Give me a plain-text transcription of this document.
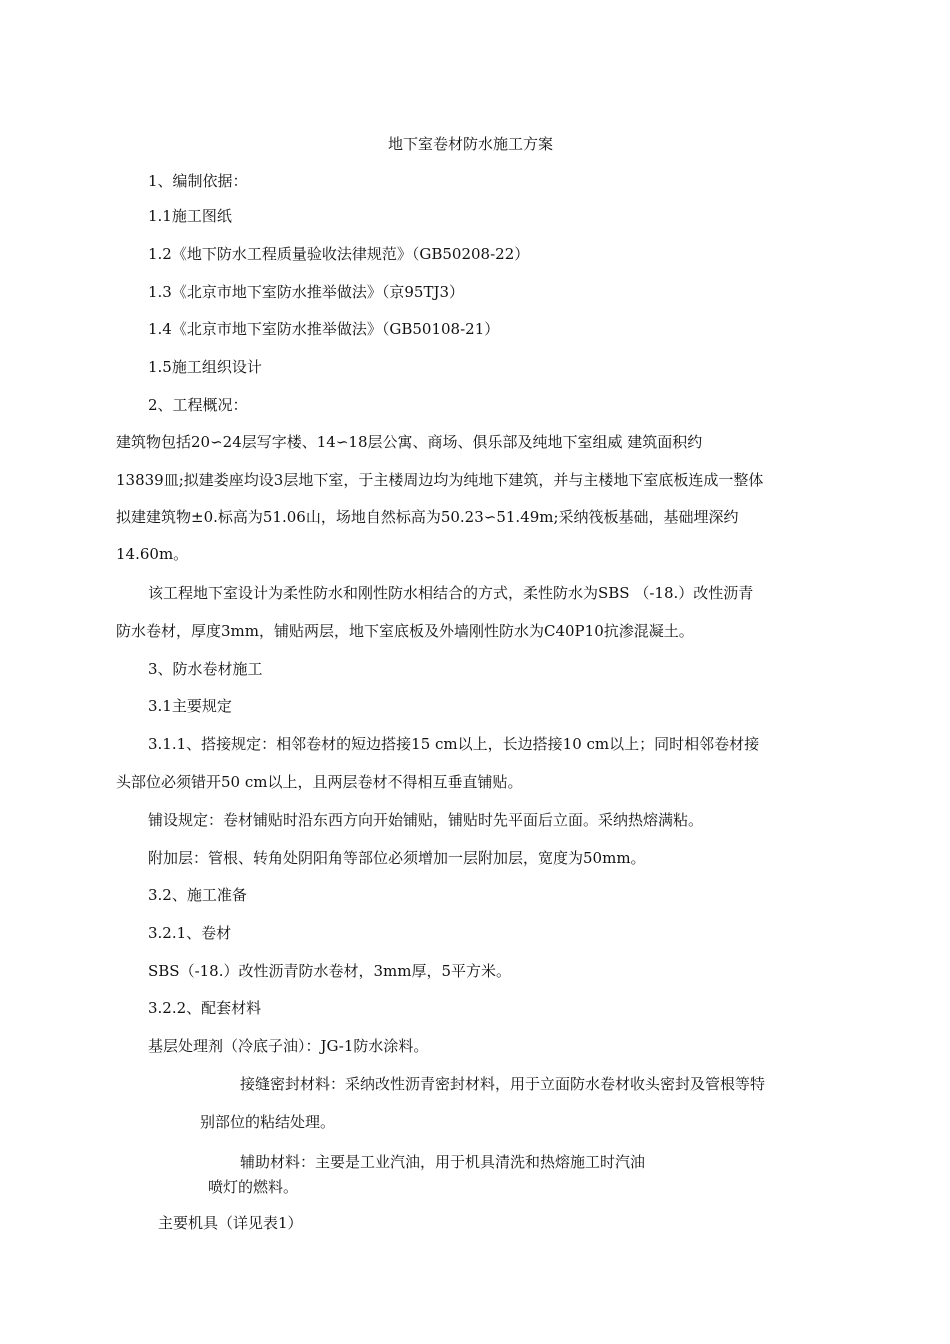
地下室卷材防水施工方案

1、编制依据：

1.1施工图纸

1.2《地下防水工程质量验收法律规范》（GB50208-22）

1.3《北京市地下室防水推举做法》（京95TJ3）

1.4《北京市地下室防水推举做法》（GB50108-21）

1.5施工组织设计

2、工程概况：

建筑物包括20∽24层写字楼、14∽18层公寓、商场、俱乐部及纯地下室组威 建筑面积约

13839皿;拟建娄座均设3层地下室，于主楼周边均为纯地下建筑，并与主楼地下室底板连成一整体

拟建建筑物±0.标高为51.06山，场地自然标高为50.23∽51.49m;采纳筏板基础，基础埋深约

14.60m。

该工程地下室设计为柔性防水和刚性防水相结合的方式，柔性防水为SBS （-18.）改性沥青

防水卷材，厚度3mm，铺贴两层，地下室底板及外墙刚性防水为C40P10抗渗混凝土。

3、防水卷材施工

3.1主要规定

3.1.1、搭接规定：相邻卷材的短边搭接15 cm以上，长边搭接10 cm以上；同时相邻卷材接

头部位必须错开50 cm以上，且两层卷材不得相互垂直铺贴。

铺设规定：卷材铺贴时沿东西方向开始铺贴，铺贴时先平面后立面。采纳热熔满粘。

附加层：管根、转角处阴阳角等部位必须增加一层附加层，宽度为50mm。

3.2、施工准备

3.2.1、卷材

SBS（-18.）改性沥青防水卷材，3mm厚，5平方米。

3.2.2、配套材料

基层处理剂（冷底子油）：JG-1防水涂料。

接缝密封材料：采纳改性沥青密封材料，用于立面防水卷材收头密封及管根等特

别部位的粘结处理。

辅助材料：主要是工业汽油，用于机具清洗和热熔施工时汽油

喷灯的燃料。

主要机具（详见表1）
